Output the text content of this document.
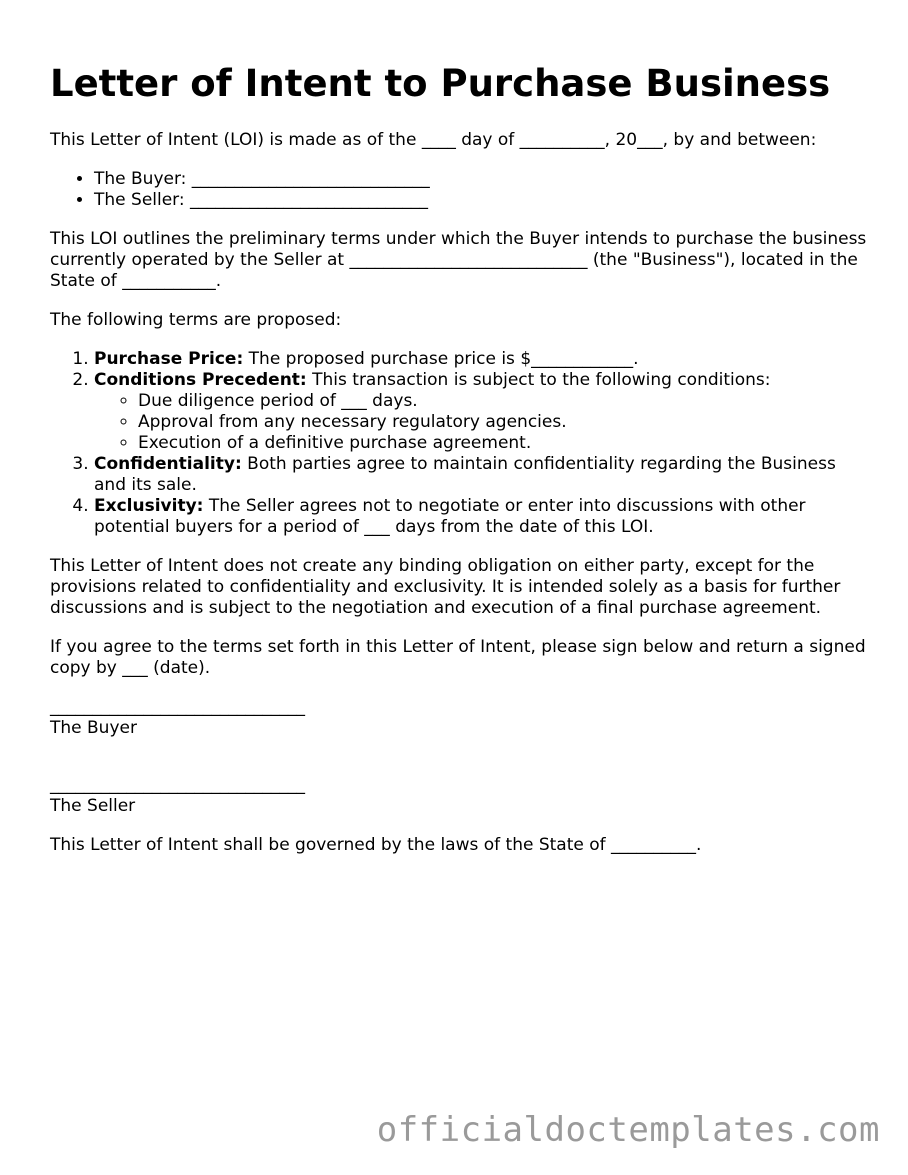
Letter of Intent to Purchase Business

This Letter of Intent (LOI) is made as of the ____ day of __________, 20___, by and between:

• The Buyer: ____________________________
• The Seller: ____________________________

This LOI outlines the preliminary terms under which the Buyer intends to purchase the business currently operated by the Seller at ____________________________ (the "Business"), located in the State of ___________.

The following terms are proposed:

1. Purchase Price: The proposed purchase price is $____________.
2. Conditions Precedent: This transaction is subject to the following conditions:
◦ Due diligence period of ___ days.
◦ Approval from any necessary regulatory agencies.
◦ Execution of a definitive purchase agreement.
3. Confidentiality: Both parties agree to maintain confidentiality regarding the Business and its sale.
4. Exclusivity: The Seller agrees not to negotiate or enter into discussions with other potential buyers for a period of ___ days from the date of this LOI.

This Letter of Intent does not create any binding obligation on either party, except for the provisions related to confidentiality and exclusivity. It is intended solely as a basis for further discussions and is subject to the negotiation and execution of a final purchase agreement.

If you agree to the terms set forth in this Letter of Intent, please sign below and return a signed copy by ___ (date).

______________________________
The Buyer
______________________________
The Seller

This Letter of Intent shall be governed by the laws of the State of __________.

officialdoctemplates.com
